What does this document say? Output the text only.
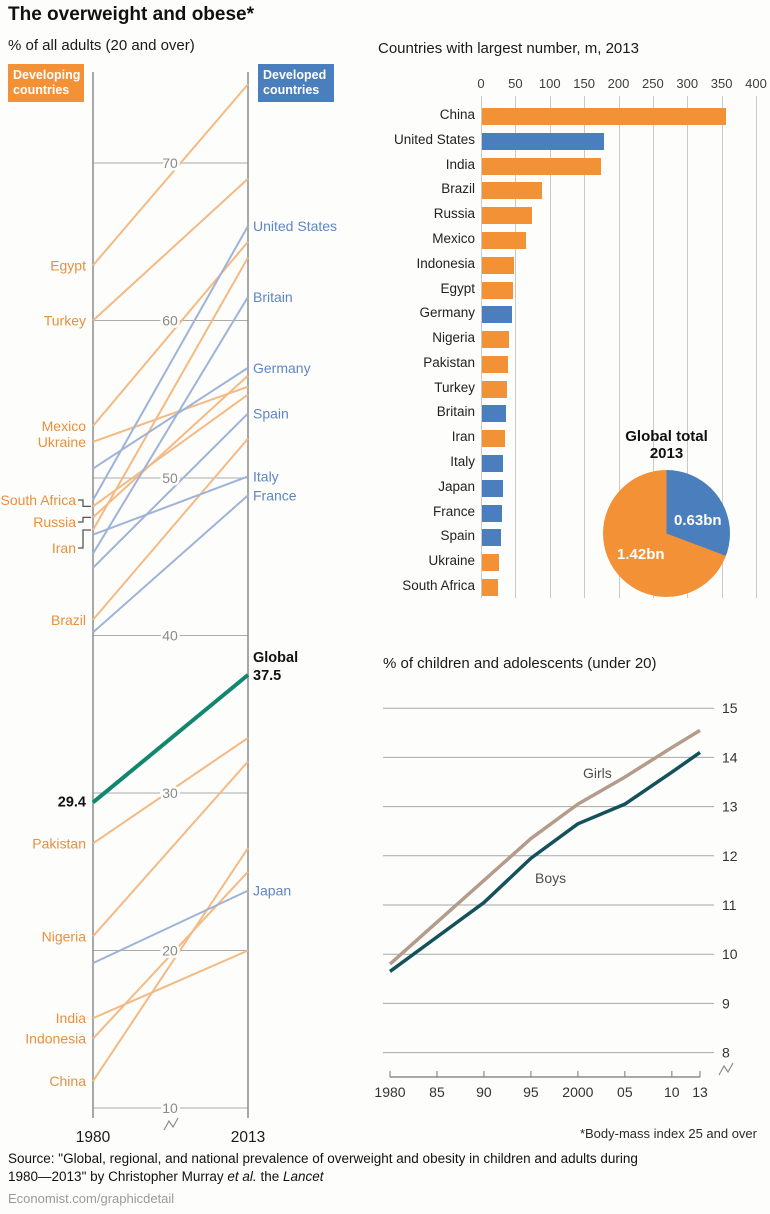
The overweight and obese*
% of all adults (20 and over)
Developing countries
Developed countries
Egypt
Turkey
Mexico
Ukraine
South Africa
Russia
Iran
Brazil
Pakistan
Nigeria
India
Indonesia
China
United States
Britain
Germany
Spain
Italy
France
Japan
29.4
Global
37.5
10
20
30
40
50
60
70
1980	2013
Countries with largest number, m, 2013
0 50 100 150 200 250 300 350 400
China
United States
India
Brazil
Russia
Mexico
Indonesia
Egypt
Germany
Nigeria
Pakistan
Turkey
Britain
Iran
Italy
Japan
France
Spain
Ukraine
South Africa
Global total
2013
1.42bn
0.63bn
% of children and adolescents (under 20)
8
9
10
11
12
13
14
15
1980 85 90 95 2000 05 10 13
Girls
Boys
*Body-mass index 25 and over
Source: "Global, regional, and national prevalence of overweight and obesity in children and adults during
1980—2013" by Christopher Murray et al. the Lancet
Economist.com/graphicdetail
